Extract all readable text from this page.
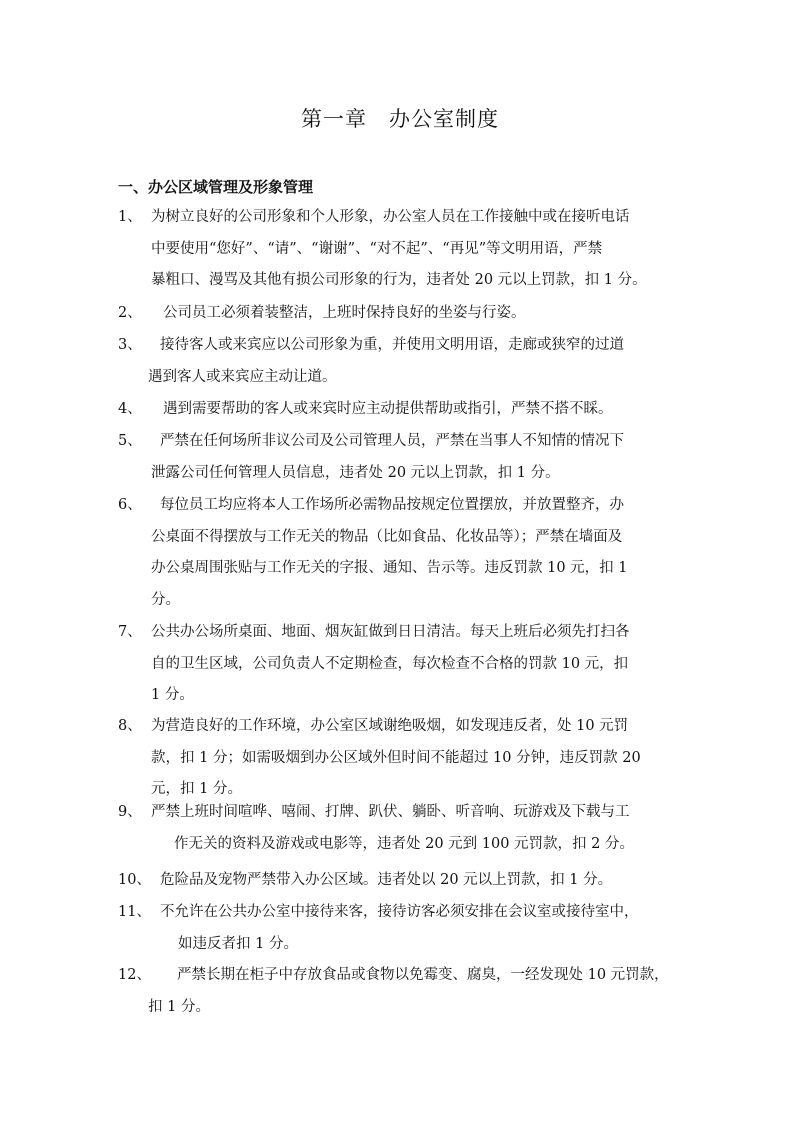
第一章　办公室制度
一、办公区域管理及形象管理
1、 为树立良好的公司形象和个人形象，办公室人员在工作接触中或在接听电话
中要使用“您好”、“请”、“谢谢”、“对不起”、“再见”等文明用语，严禁
暴粗口、漫骂及其他有损公司形象的行为，违者处 20 元以上罚款，扣 1 分。
2、 公司员工必须着装整洁，上班时保持良好的坐姿与行姿。
3、 接待客人或来宾应以公司形象为重，并使用文明用语，走廊或狭窄的过道
遇到客人或来宾应主动让道。
4、 遇到需要帮助的客人或来宾时应主动提供帮助或指引，严禁不搭不睬。
5、 严禁在任何场所非议公司及公司管理人员，严禁在当事人不知情的情况下
泄露公司任何管理人员信息，违者处 20 元以上罚款，扣 1 分。
6、 每位员工均应将本人工作场所必需物品按规定位置摆放，并放置整齐，办
公桌面不得摆放与工作无关的物品（比如食品、化妆品等）；严禁在墙面及
办公桌周围张贴与工作无关的字报、通知、告示等。违反罚款 10 元，扣 1
分。
7、 公共办公场所桌面、地面、烟灰缸做到日日清洁。每天上班后必须先打扫各
自的卫生区域，公司负责人不定期检查，每次检查不合格的罚款 10 元，扣
1 分。
8、 为营造良好的工作环境，办公室区域谢绝吸烟，如发现违反者，处 10 元罚
款，扣 1 分；如需吸烟到办公区域外但时间不能超过 10 分钟，违反罚款 20
元，扣 1 分。
9、 严禁上班时间喧哗、嘻闹、打牌、趴伏、躺卧、听音响、玩游戏及下载与工
作无关的资料及游戏或电影等，违者处 20 元到 100 元罚款，扣 2 分。
10、 危险品及宠物严禁带入办公区域。违者处以 20 元以上罚款，扣 1 分。
11、 不允许在公共办公室中接待来客，接待访客必须安排在会议室或接待室中，
如违反者扣 1 分。
12、 严禁长期在柜子中存放食品或食物以免霉变、腐臭，一经发现处 10 元罚款，
扣 1 分。
